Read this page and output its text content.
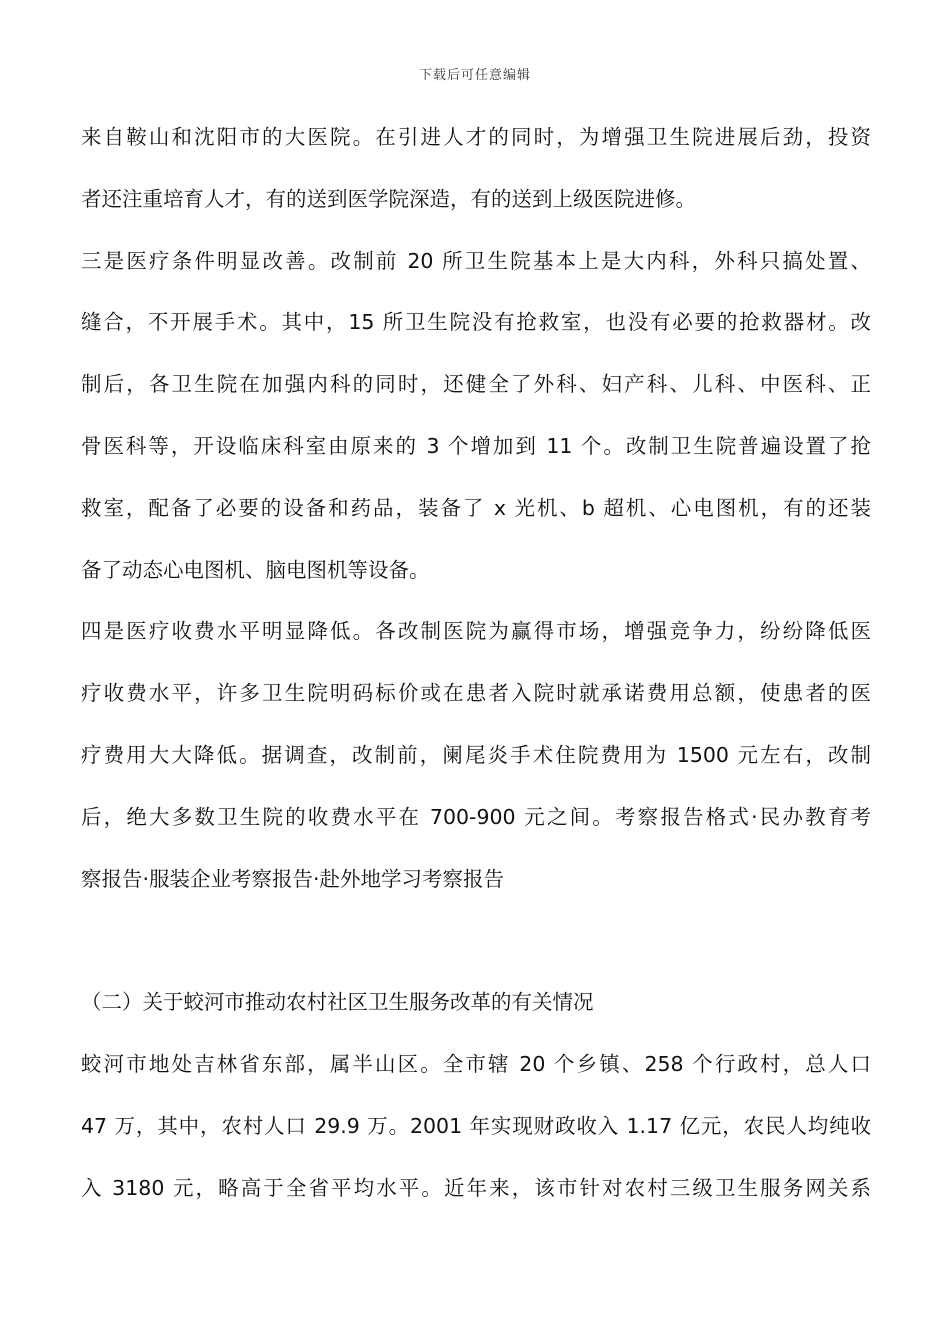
下载后可任意编辑
来自鞍山和沈阳市的大医院。在引进人才的同时，为增强卫生院进展后劲，投资
者还注重培育人才，有的送到医学院深造，有的送到上级医院进修。
三是医疗条件明显改善。改制前 20 所卫生院基本上是大内科，外科只搞处置、
缝合，不开展手术。其中，15 所卫生院没有抢救室，也没有必要的抢救器材。改
制后，各卫生院在加强内科的同时，还健全了外科、妇产科、儿科、中医科、正
骨医科等，开设临床科室由原来的 3 个增加到 11 个。改制卫生院普遍设置了抢
救室，配备了必要的设备和药品，装备了 x 光机、b 超机、心电图机，有的还装
备了动态心电图机、脑电图机等设备。
四是医疗收费水平明显降低。各改制医院为赢得市场，增强竞争力，纷纷降低医
疗收费水平，许多卫生院明码标价或在患者入院时就承诺费用总额，使患者的医
疗费用大大降低。据调查，改制前，阑尾炎手术住院费用为 1500 元左右，改制
后，绝大多数卫生院的收费水平在 700-900 元之间。考察报告格式·民办教育考
察报告·服装企业考察报告·赴外地学习考察报告
（二）关于蛟河市推动农村社区卫生服务改革的有关情况
蛟河市地处吉林省东部，属半山区。全市辖 20 个乡镇、258 个行政村，总人口
47 万，其中，农村人口 29.9 万。2001 年实现财政收入 1.17 亿元，农民人均纯收
入 3180 元，略高于全省平均水平。近年来，该市针对农村三级卫生服务网关系
